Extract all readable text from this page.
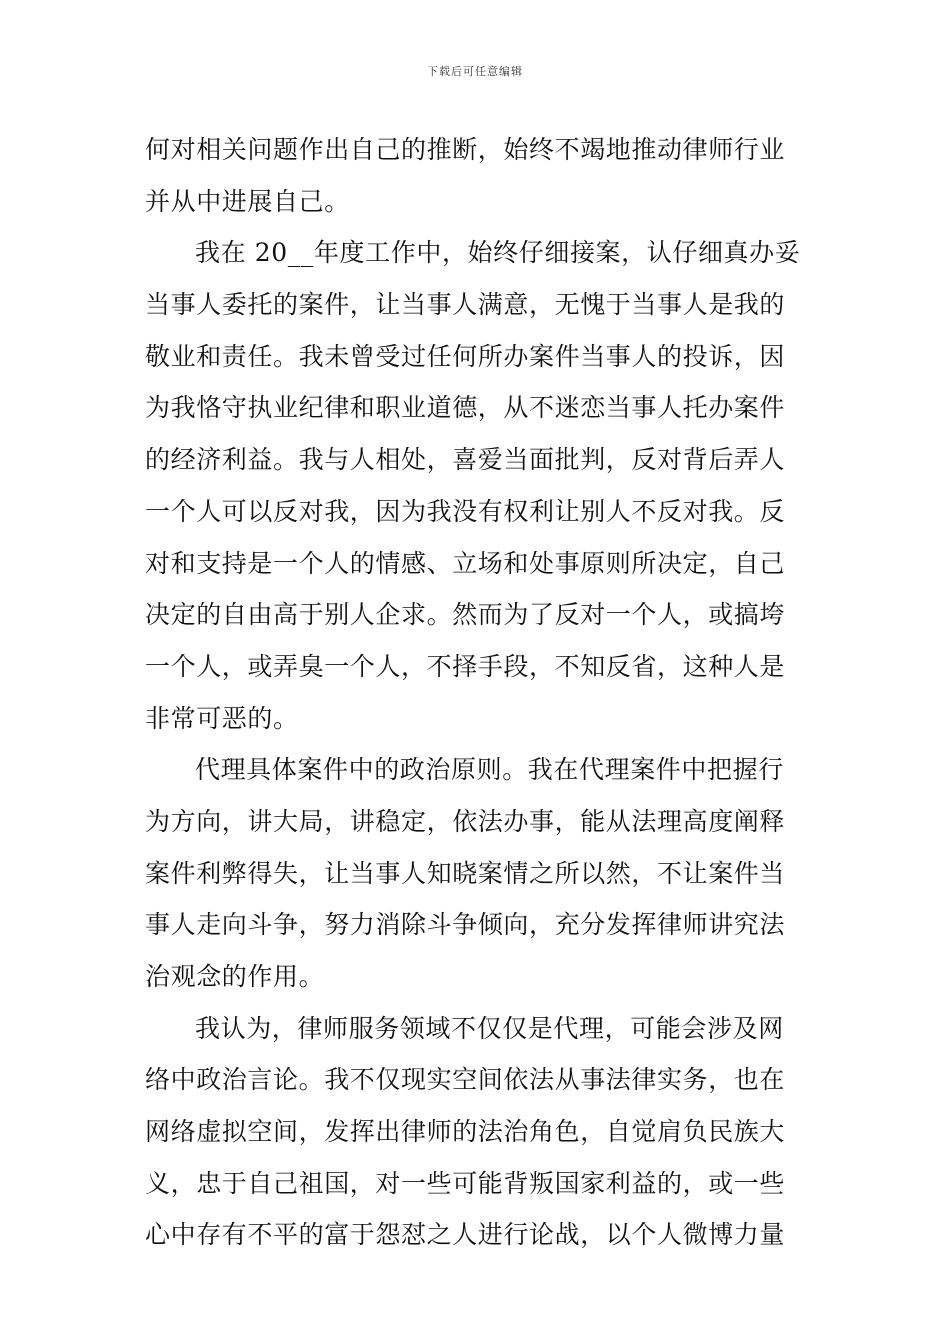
下载后可任意编辑
何对相关问题作出自己的推断，始终不竭地推动律师行业
并从中进展自己。
我在 20__年度工作中，始终仔细接案，认仔细真办妥
当事人委托的案件，让当事人满意，无愧于当事人是我的
敬业和责任。我未曾受过任何所办案件当事人的投诉，因
为我恪守执业纪律和职业道德，从不迷恋当事人托办案件
的经济利益。我与人相处，喜爱当面批判，反对背后弄人
一个人可以反对我，因为我没有权利让别人不反对我。反
对和支持是一个人的情感、立场和处事原则所决定，自己
决定的自由高于别人企求。然而为了反对一个人，或搞垮
一个人，或弄臭一个人，不择手段，不知反省，这种人是
非常可恶的。
代理具体案件中的政治原则。我在代理案件中把握行
为方向，讲大局，讲稳定，依法办事，能从法理高度阐释
案件利弊得失，让当事人知晓案情之所以然，不让案件当
事人走向斗争，努力消除斗争倾向，充分发挥律师讲究法
治观念的作用。
我认为，律师服务领域不仅仅是代理，可能会涉及网
络中政治言论。我不仅现实空间依法从事法律实务，也在
网络虚拟空间，发挥出律师的法治角色，自觉肩负民族大
义，忠于自己祖国，对一些可能背叛国家利益的，或一些
心中存有不平的富于怨怼之人进行论战，以个人微博力量
